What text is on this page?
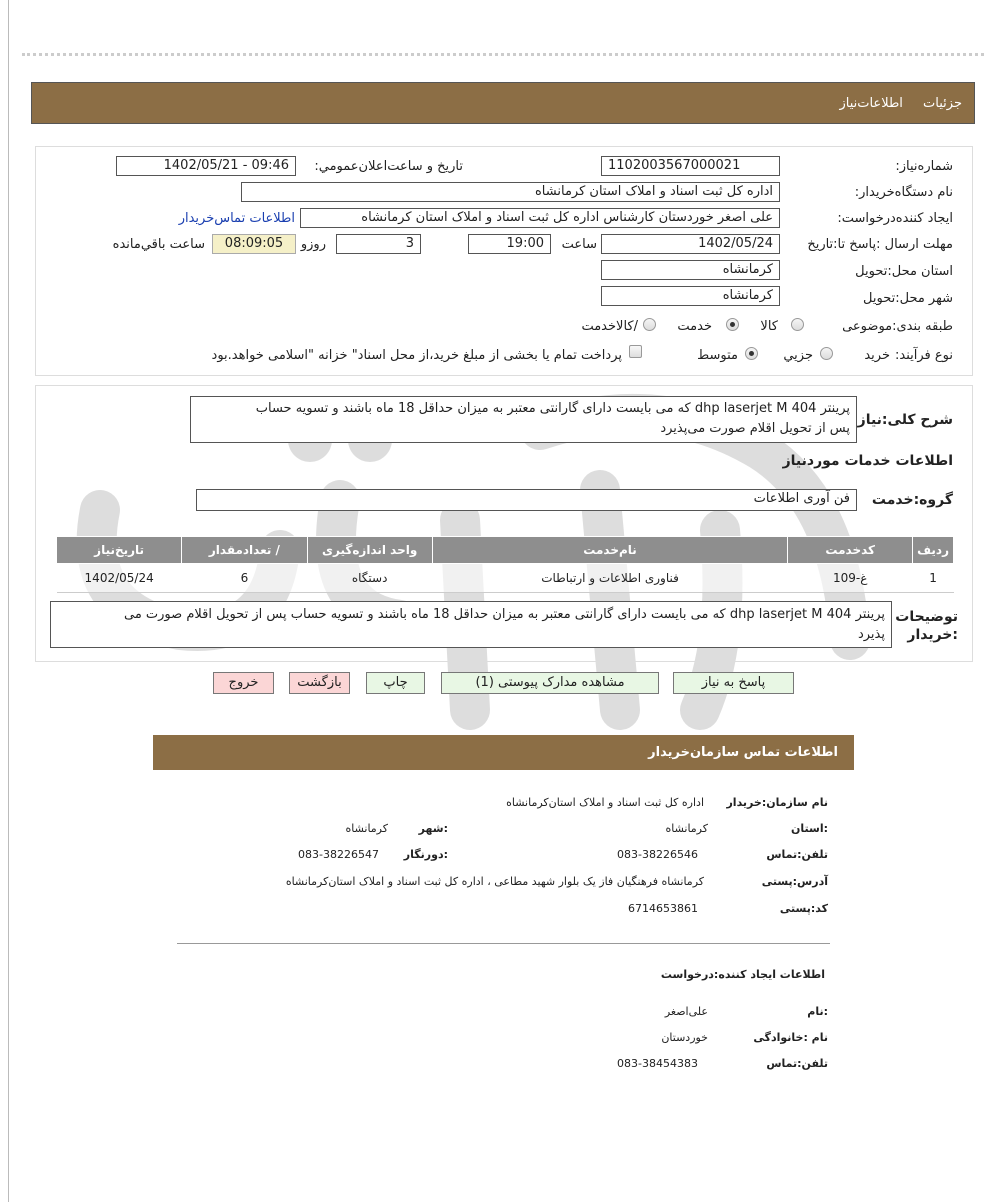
جزئیات اطلاعات‌نیاز
شماره‌نیاز:
1102003567000021
تاریخ و ساعت‌اعلان‌عمومي:
1402/05/21 - 09:46
نام دستگاه‌خریدار:
اداره کل ثبت اسناد و املاک استان کرمانشاه
ایجاد کننده‌درخواست:
علی اصغر خوردستان کارشناس اداره کل ثبت اسناد و املاک استان کرمانشاه
اطلاعات تماس‌خریدار
مهلت ارسال :پاسخ تا:تاریخ
1402/05/24
ساعت
19:00
3
روزو
08:09:05
ساعت باقي‌مانده
استان محل:تحویل
کرمانشاه
شهر محل:تحویل
کرمانشاه
طبقه بندی:موضوعی
کالا
خدمت
/کالاخدمت
نوع فرآیند:
خرید
جزیي
متوسط
پرداخت تمام یا بخشی از مبلغ خرید،از محل اسناد" خزانه "اسلامی خواهد.بود
شرح کلی:نیاز
پرینتر dhp laserjet M 404 که می بایست دارای گارانتی معتبر به میزان حداقل 18 ماه باشند و تسویه حساب
پس از تحویل اقلام صورت می‌پذیرد
اطلاعات خدمات موردنیاز
گروه:خدمت
فن آوری اطلاعات
ردیف	کدخدمت	نام‌خدمت	واحد اندازه‌گیری	/ تعدادمقدار	تاریخ‌نیاز
1	غ-109	فناوری اطلاعات و ارتباطات	دستگاه	6	1402/05/24
توضیحات
:خریدار
پرینتر dhp laserjet M 404 که می بایست دارای گارانتی معتبر به میزان حداقل 18 ماه باشند و تسویه حساب پس از تحویل اقلام صورت می
پذیرد
پاسخ به نیاز
مشاهده مدارک پیوستی (1)
چاپ
بازگشت
خروج
اطلاعات تماس سازمان‌خریدار
نام سازمان:خریدار
اداره کل ثبت اسناد و املاک استان‌کرمانشاه
:استان
کرمانشاه
:شهر
کرمانشاه
تلفن:تماس
083-38226546
:دورنگار
083-38226547
آدرس:پستی
کرمانشاه فرهنگیان فاز یک بلوار شهید مطاعی ، اداره کل ثبت اسناد و املاک استان‌کرمانشاه
کد:پستی
6714653861
اطلاعات ایجاد کننده:درخواست
:نام
علی‌اصغر
نام :خانوادگی
خوردستان
تلفن:تماس
083-38454383
